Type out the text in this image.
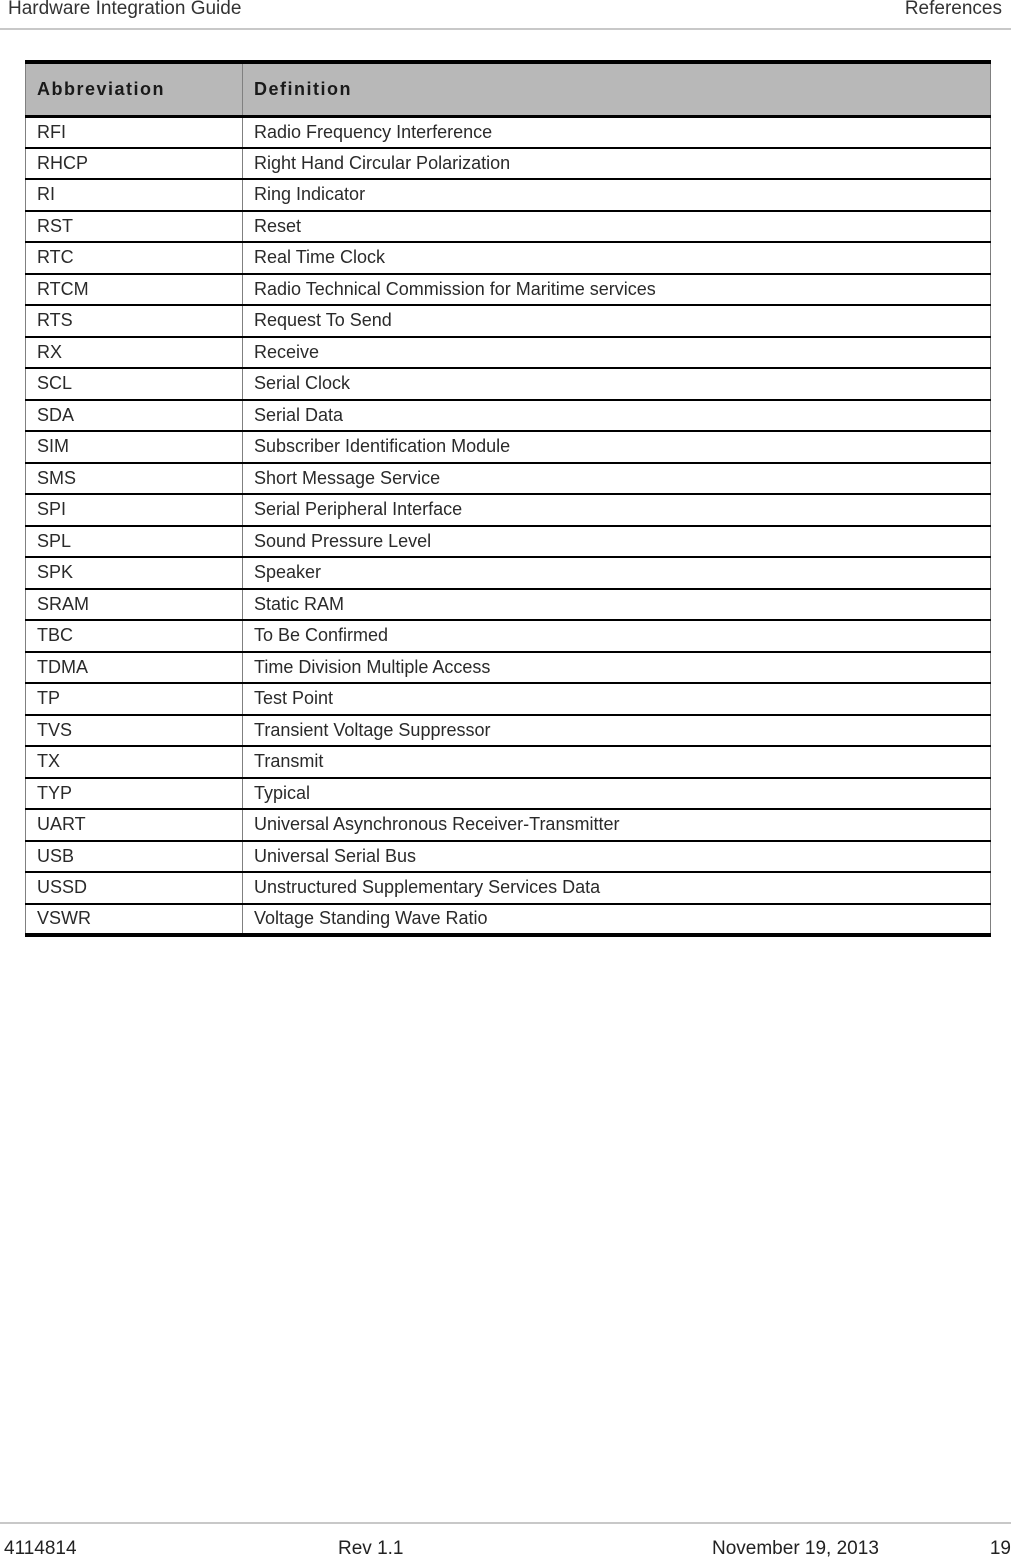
Hardware Integration Guide	References
Abbreviation	Definition
RFI	Radio Frequency Interference
RHCP	Right Hand Circular Polarization
RI	Ring Indicator
RST	Reset
RTC	Real Time Clock
RTCM	Radio Technical Commission for Maritime services
RTS	Request To Send
RX	Receive
SCL	Serial Clock
SDA	Serial Data
SIM	Subscriber Identification Module
SMS	Short Message Service
SPI	Serial Peripheral Interface
SPL	Sound Pressure Level
SPK	Speaker
SRAM	Static RAM
TBC	To Be Confirmed
TDMA	Time Division Multiple Access
TP	Test Point
TVS	Transient Voltage Suppressor
TX	Transmit
TYP	Typical
UART	Universal Asynchronous Receiver-Transmitter
USB	Universal Serial Bus
USSD	Unstructured Supplementary Services Data
VSWR	Voltage Standing Wave Ratio
4114814	Rev 1.1	November 19, 2013	19
